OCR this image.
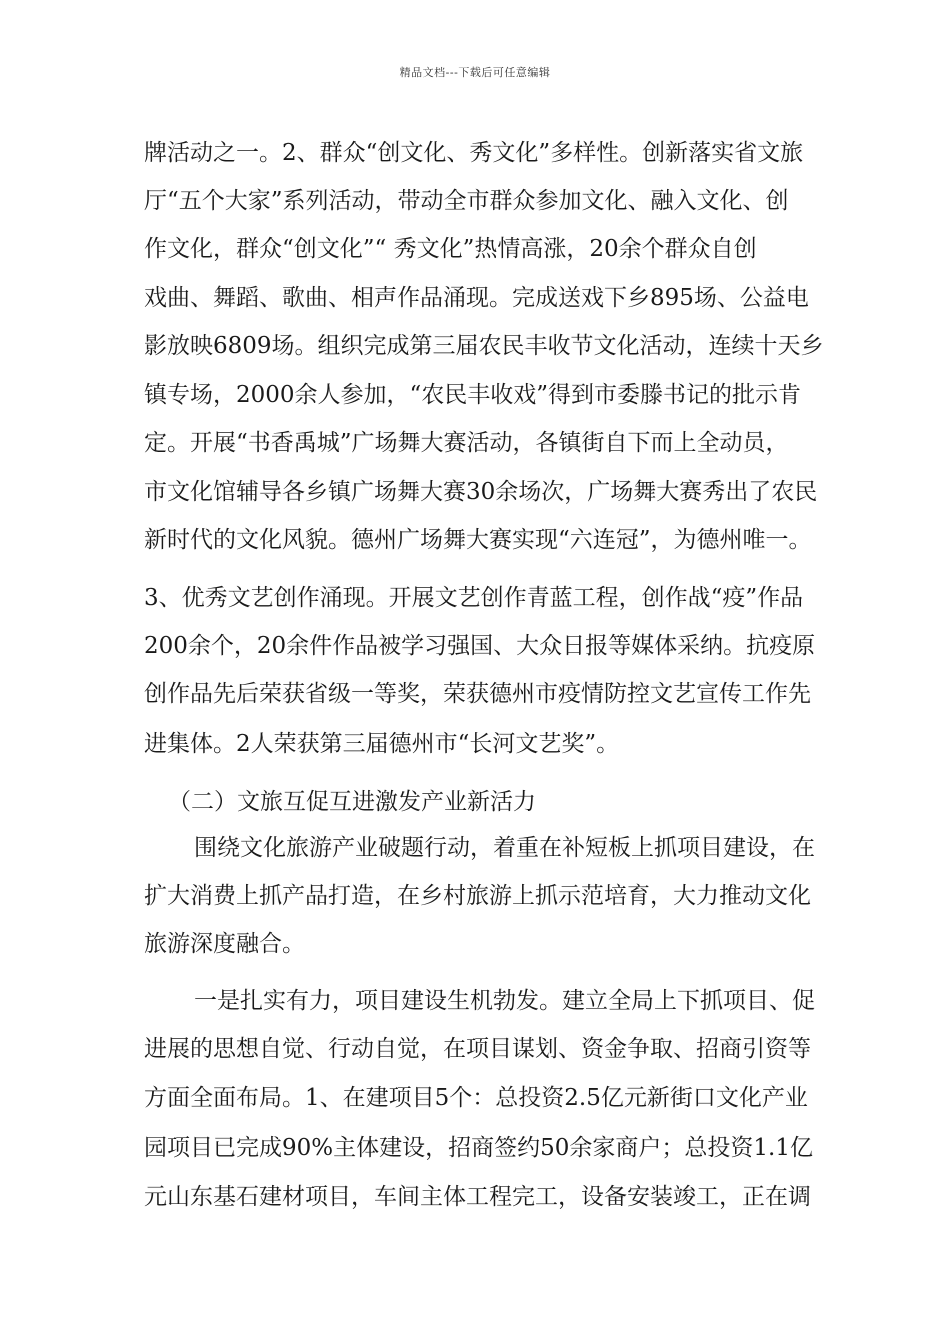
精品文档---下载后可任意编辑
牌活动之一。2、群众“创文化、秀文化”多样性。创新落实省文旅
厅“五个大家”系列活动，带动全市群众参加文化、融入文化、创
作文化，群众“创文化”“ 秀文化”热情高涨，20余个群众自创
戏曲、舞蹈、歌曲、相声作品涌现。完成送戏下乡895场、公益电
影放映6809场。组织完成第三届农民丰收节文化活动，连续十天乡
镇专场，2000余人参加，“农民丰收戏”得到市委滕书记的批示肯
定。开展“书香禹城”广场舞大赛活动，各镇街自下而上全动员，
市文化馆辅导各乡镇广场舞大赛30余场次，广场舞大赛秀出了农民
新时代的文化风貌。德州广场舞大赛实现“六连冠”，为德州唯一。
3、优秀文艺创作涌现。开展文艺创作青蓝工程，创作战“疫”作品
200余个，20余件作品被学习强国、大众日报等媒体采纳。抗疫原
创作品先后荣获省级一等奖，荣获德州市疫情防控文艺宣传工作先
进集体。2人荣获第三届德州市“长河文艺奖”。
（二）文旅互促互进激发产业新活力
围绕文化旅游产业破题行动，着重在补短板上抓项目建设，在
扩大消费上抓产品打造，在乡村旅游上抓示范培育，大力推动文化
旅游深度融合。
一是扎实有力，项目建设生机勃发。建立全局上下抓项目、促
进展的思想自觉、行动自觉，在项目谋划、资金争取、招商引资等
方面全面布局。1、在建项目5个：总投资2.5亿元新街口文化产业
园项目已完成90%主体建设，招商签约50余家商户；总投资1.1亿
元山东基石建材项目，车间主体工程完工，设备安装竣工，正在调
